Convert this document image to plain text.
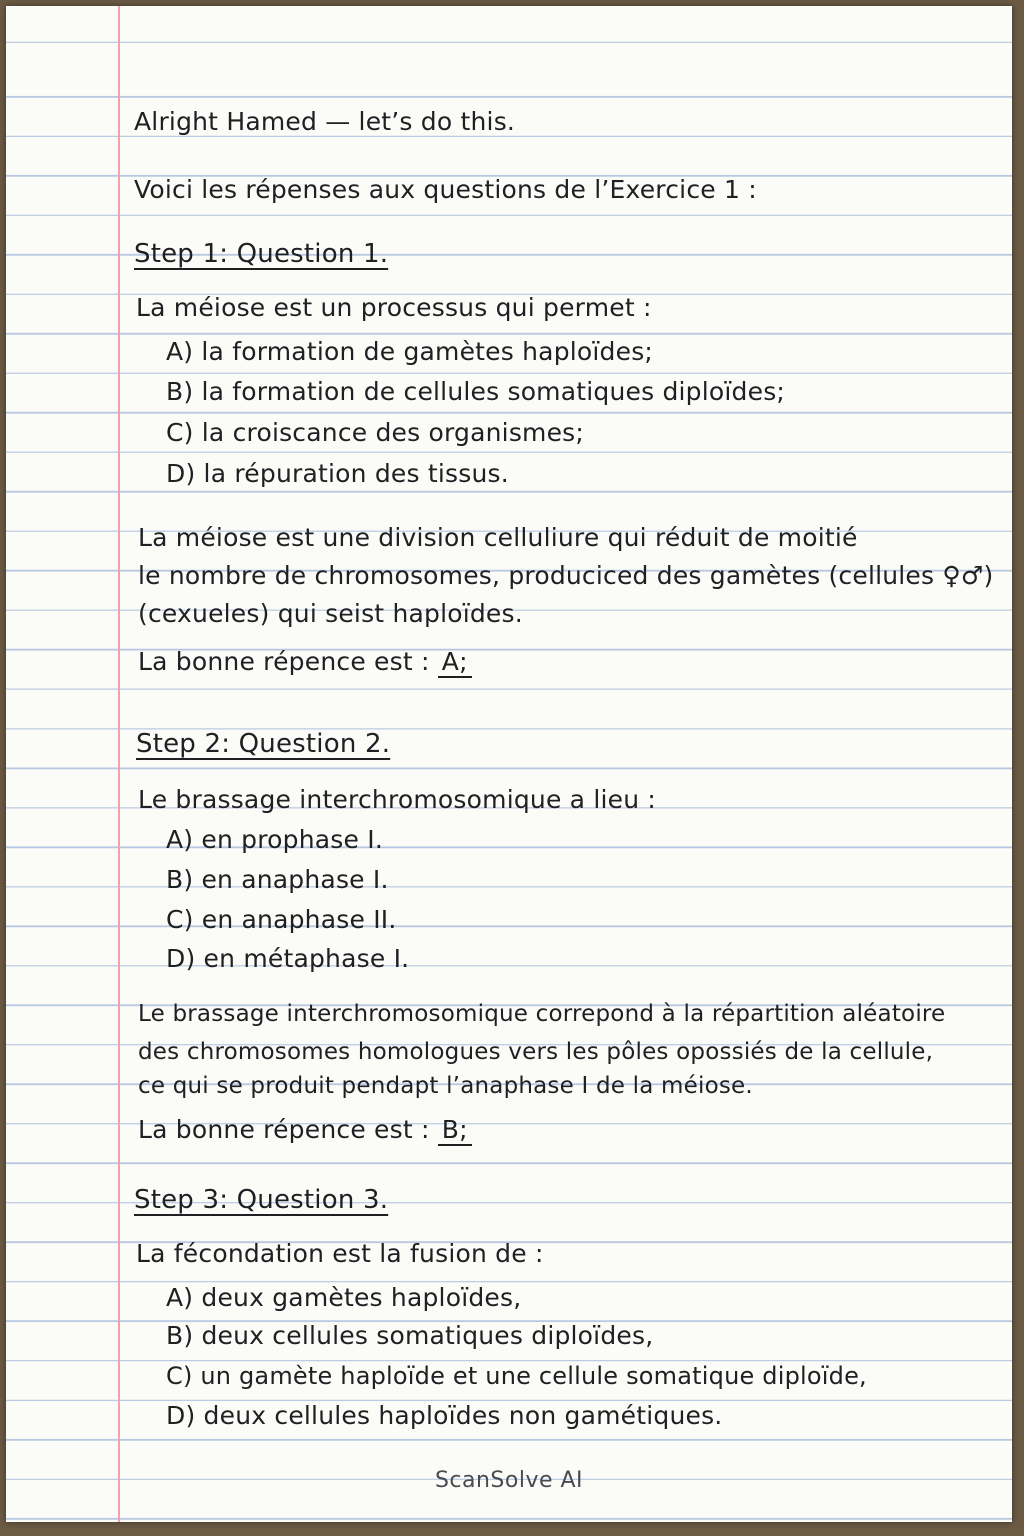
Alright Hamed — let’s do this.
Voici les répenses aux questions de l’Exercice 1 :
Step 1: Question 1.
La méiose est un processus qui permet :
A) la formation de gamètes haploïdes;
B) la formation de cellules somatiques diploïdes;
C) la croiscance des organismes;
D) la répuration des tissus.
La méiose est une division celluliure qui réduit de moitié
le nombre de chromosomes, produciced des gamètes (cellules ♀♂)
(cexueles) qui seist haploïdes.
La bonne répence est : A;
Step 2: Question 2.
Le brassage interchromosomique a lieu :
A) en prophase I.
B) en anaphase I.
C) en anaphase II.
D) en métaphase I.
Le brassage interchromosomique correpond à la répartition aléatoire
des chromosomes homologues vers les pôles opossiés de la cellule,
ce qui se produit pendapt l’anaphase I de la méiose.
La bonne répence est : B;
Step 3: Question 3.
La fécondation est la fusion de :
A) deux gamètes haploïdes,
B) deux cellules somatiques diploïdes,
C) un gamète haploïde et une cellule somatique diploïde,
D) deux cellules haploïdes non gamétiques.
ScanSolve AI
